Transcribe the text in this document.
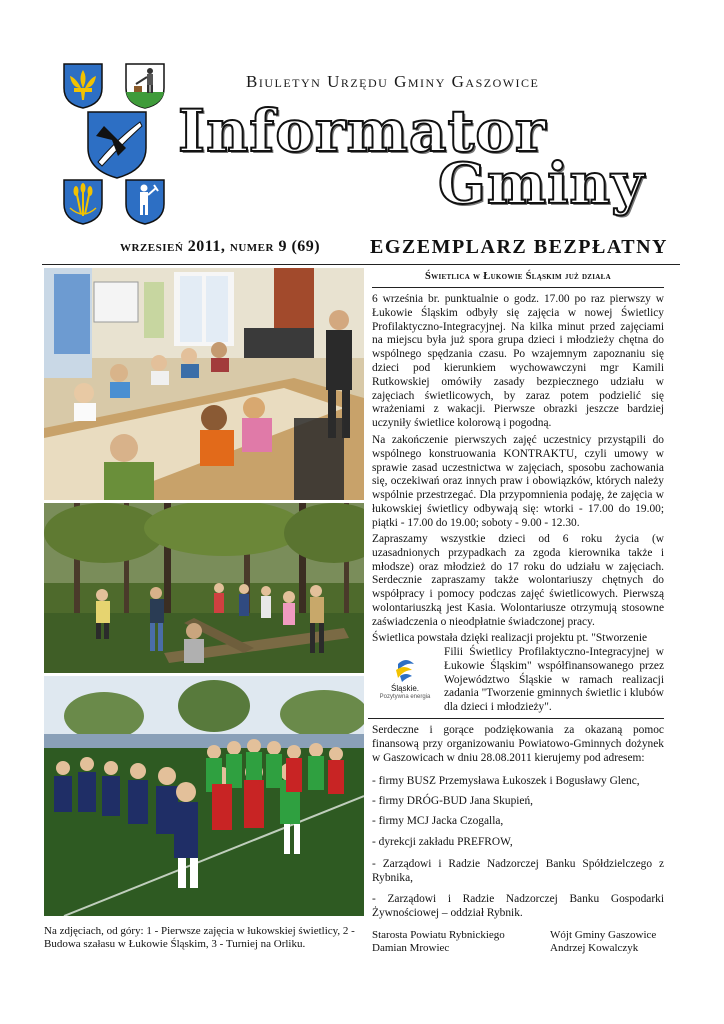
Biuletyn Urzędu Gminy Gaszowice
Informator
Gminy
wrzesień 2011, numer 9 (69) EGZEMPLARZ BEZPŁATNY
Na zdjęciach, od góry: 1 - Pierwsze zajęcia w łukowskiej świetlicy, 2 - Budowa szałasu w Łukowie Śląskim, 3 - Turniej na Orliku.
Świetlica w Łukowie Śląskim już działa
6 września br. punktualnie o godz. 17.00 po raz pierwszy w Łukowie Śląskim odbyły się zajęcia w nowej Świetlicy Profilaktyczno-Integracyjnej. Na kilka minut przed zajęciami na miejscu była już spora grupa dzieci i młodzieży chętna do wspólnego spędzania czasu. Po wzajemnym zapoznaniu się dzieci pod kierunkiem wychowawczyni mgr Kamili Rutkowskiej omówiły zasady bezpiecznego udziału w zajęciach świetlicowych, by zaraz potem podzielić się wrażeniami z wakacji. Pierwsze obrazki jeszcze bardziej uczyniły świetlice kolorową i pogodną.
Na zakończenie pierwszych zajęć uczestnicy przystąpili do wspólnego konstruowania KONTRAKTU, czyli umowy w sprawie zasad uczestnictwa w zajęciach, sposobu zachowania się, oczekiwań oraz innych praw i obowiązków, których należy wspólnie przestrzegać. Dla przypomnienia podaję, że zajęcia w łukowskiej świetlicy odbywają się: wtorki - 17.00 do 19.00; piątki - 17.00 do 19.00; soboty - 9.00 - 12.30.
Zapraszamy wszystkie dzieci od 6 roku życia (w uzasadnionych przypadkach za zgoda kierownika także i młodsze) oraz młodzież do 17 roku do udziału w zajęciach. Serdecznie zapraszamy także wolontariuszy chętnych do współpracy i pomocy podczas zajęć świetlicowych. Pierwszą wolontariuszką jest Kasia. Wolontariusze otrzymują stosowne zaświadczenia o nieodpłatnie świadczonej pracy.
Świetlica powstała dzięki realizacji projektu pt. "Stworzenie
Filii Świetlicy Profilaktyczno-Integracyjnej w Łukowie Śląskim" współfinansowanego przez Województwo Śląskie w ramach realizacji zadania "Tworzenie gminnych świetlic i klubów dla dzieci i młodzieży".
Śląskie.
Pozytywna energia
Serdeczne i gorące podziękowania za okazaną pomoc finansową przy organizowaniu Powiatowo-Gminnych dożynek w Gaszowicach w dniu 28.08.2011 kierujemy pod adresem:
- firmy BUSZ Przemysława Łukoszek i Bogusławy Glenc,
- firmy DRÓG-BUD Jana Skupień,
- firmy MCJ Jacka Czogalla,
- dyrekcji zakładu PREFROW,
- Zarządowi i Radzie Nadzorczej Banku Spółdzielczego z Rybnika,
- Zarządowi i Radzie Nadzorczej Banku Gospodarki Żywnościowej – oddział Rybnik.
Starosta Powiatu Rybnickiego
Damian Mrowiec
Wójt Gminy Gaszowice
Andrzej Kowalczyk
